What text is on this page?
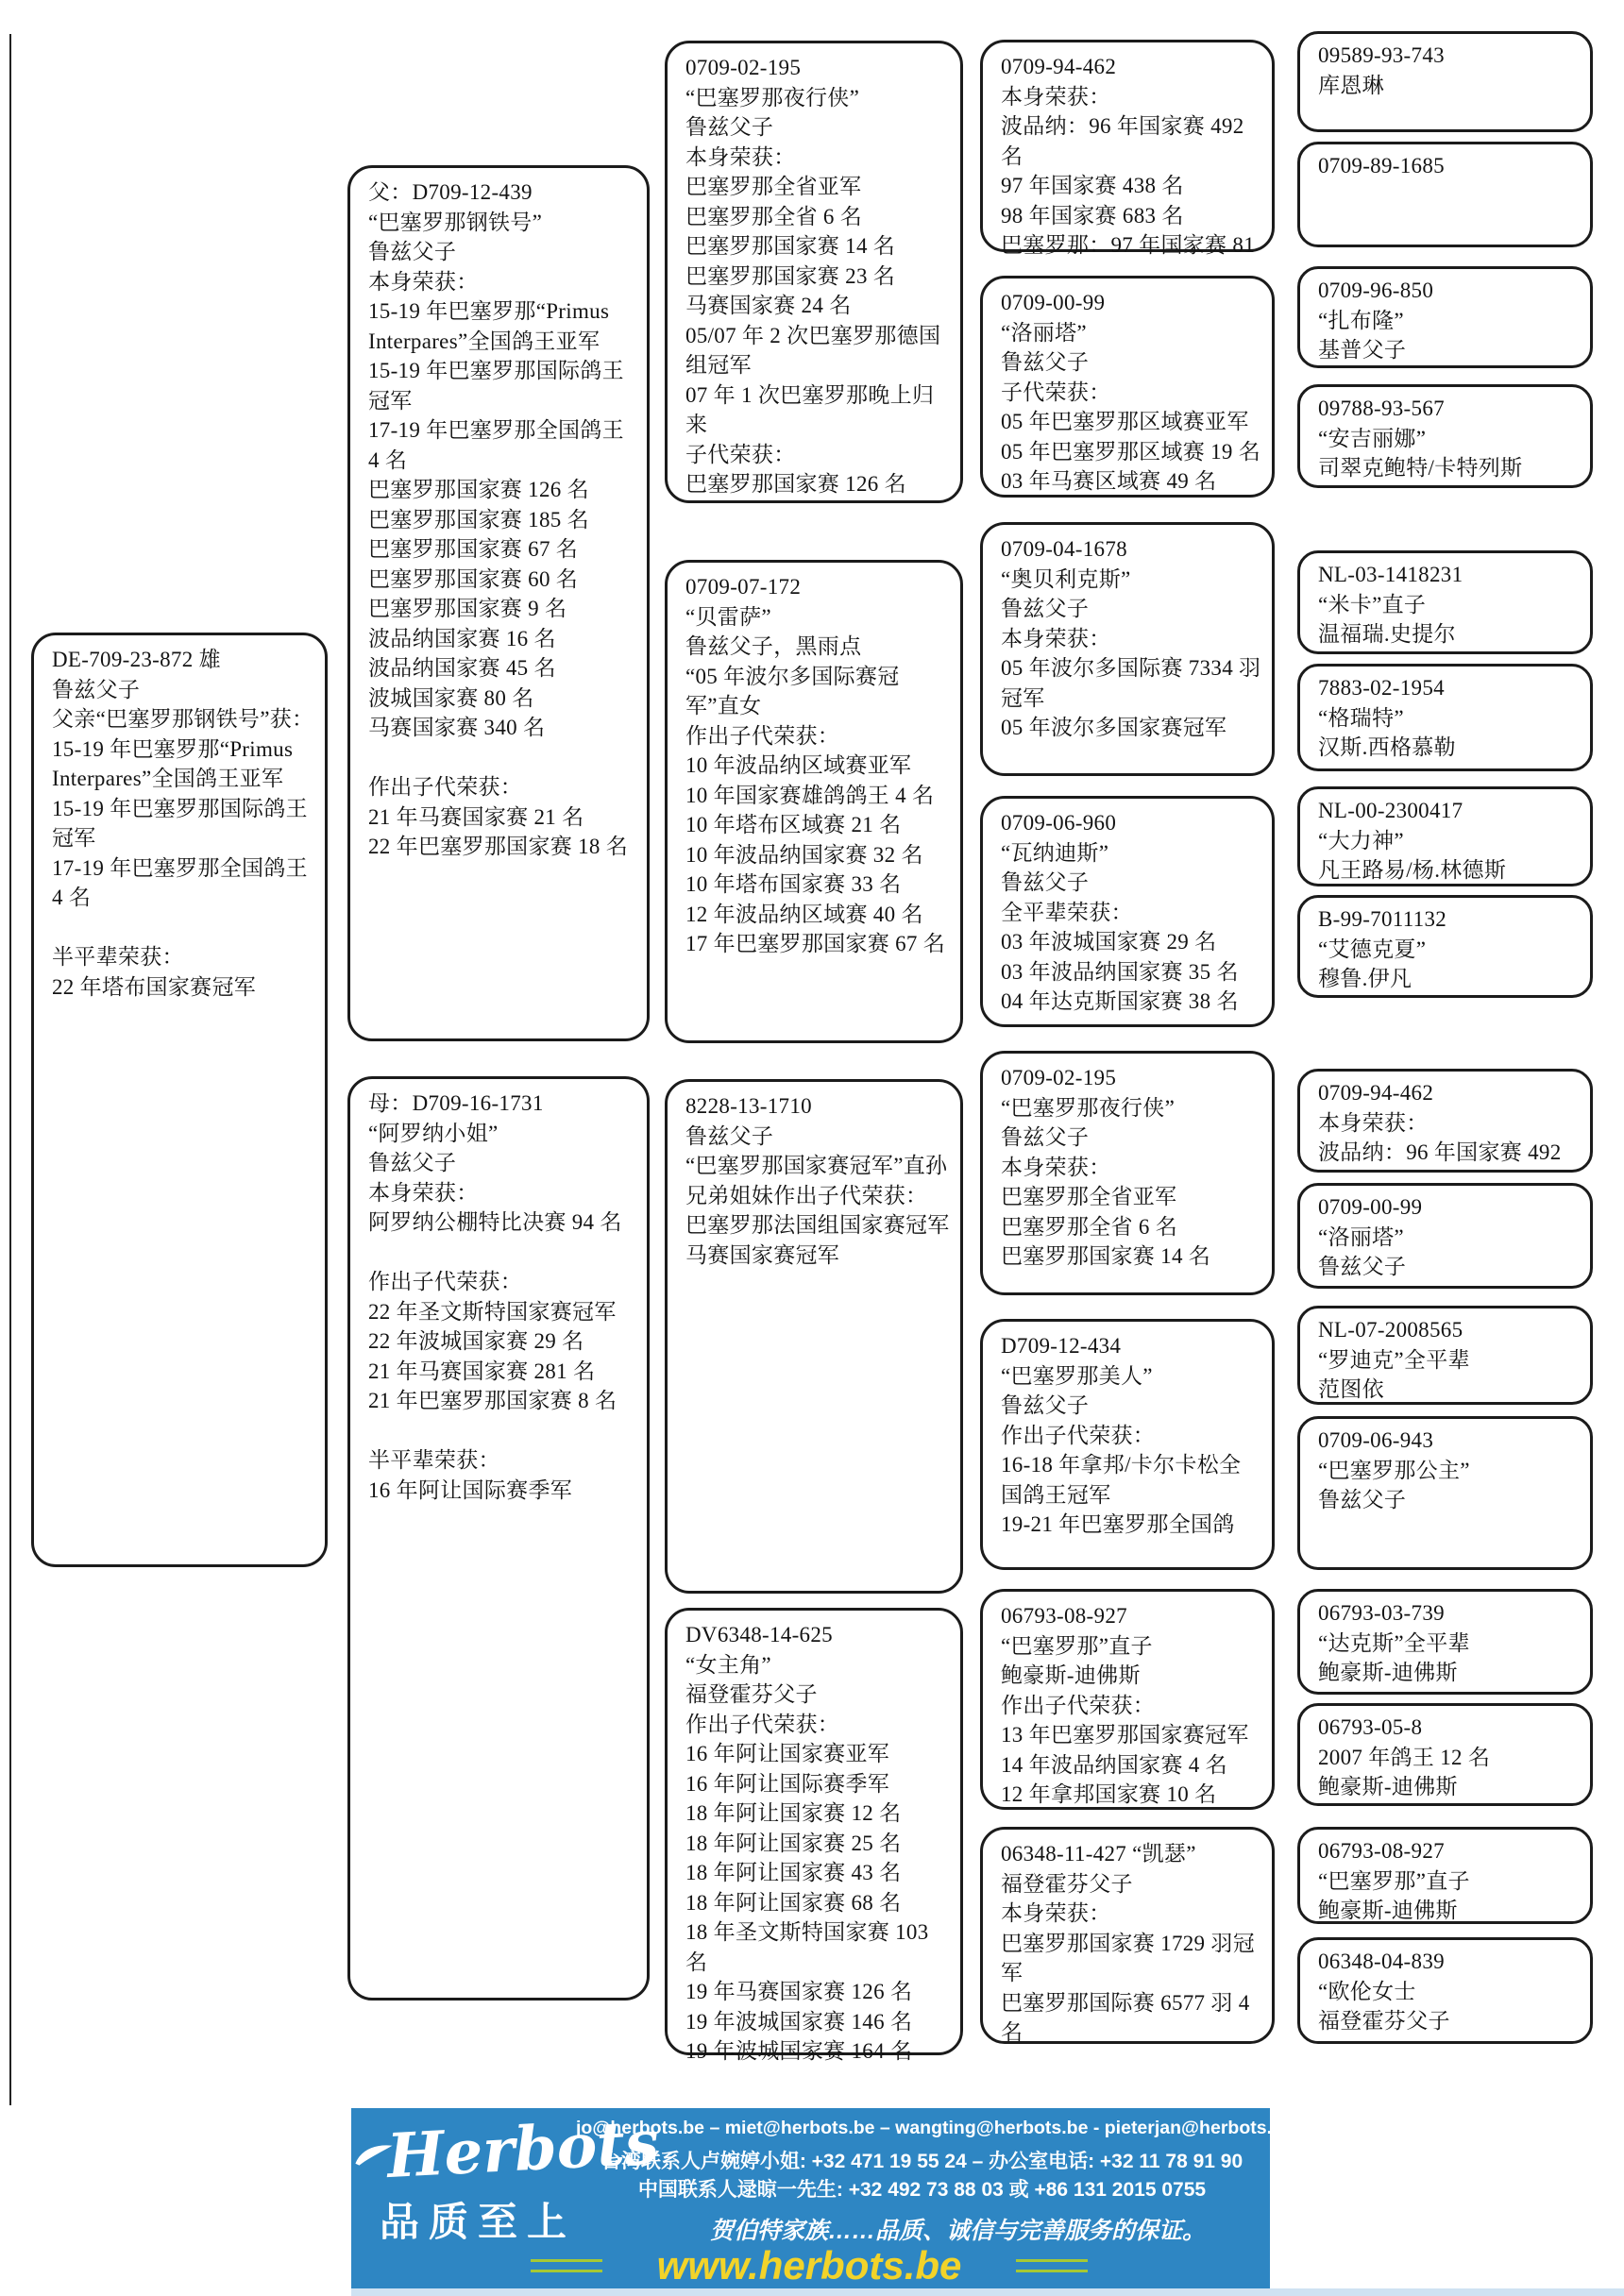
DE-709-23-872 雄
鲁兹父子
父亲“巴塞罗那钢铁号”获：
15-19 年巴塞罗那“Primus Interpares”全国鸽王亚军
15-19 年巴塞罗那国际鸽王冠军
17-19 年巴塞罗那全国鸽王 4 名

半平辈荣获：
22 年塔布国家赛冠军
父：D709-12-439
“巴塞罗那钢铁号”
鲁兹父子
本身荣获：
15-19 年巴塞罗那“Primus Interpares”全国鸽王亚军
15-19 年巴塞罗那国际鸽王冠军
17-19 年巴塞罗那全国鸽王 4 名
巴塞罗那国家赛 126 名
巴塞罗那国家赛 185 名
巴塞罗那国家赛 67 名
巴塞罗那国家赛 60 名
巴塞罗那国家赛 9 名
波品纳国家赛 16 名
波品纳国家赛 45 名
波城国家赛 80 名
马赛国家赛 340 名

作出子代荣获：
21 年马赛国家赛 21 名
22 年巴塞罗那国家赛 18 名
母：D709-16-1731
“阿罗纳小姐”
鲁兹父子
本身荣获：
阿罗纳公棚特比决赛 94 名

作出子代荣获：
22 年圣文斯特国家赛冠军
22 年波城国家赛 29 名
21 年马赛国家赛 281 名
21 年巴塞罗那国家赛 8 名

半平辈荣获：
16 年阿让国际赛季军
0709-02-195
“巴塞罗那夜行侠”
鲁兹父子
本身荣获：
巴塞罗那全省亚军
巴塞罗那全省 6 名
巴塞罗那国家赛 14 名
巴塞罗那国家赛 23 名
马赛国家赛 24 名
05/07 年 2 次巴塞罗那德国组冠军
07 年 1 次巴塞罗那晚上归来
子代荣获：
巴塞罗那国家赛 126 名
0709-07-172
“贝雷萨”
鲁兹父子，黑雨点
“05 年波尔多国际赛冠军”直女
作出子代荣获：
10 年波品纳区域赛亚军
10 年国家赛雄鸽鸽王 4 名
10 年塔布区域赛 21 名
10 年波品纳国家赛 32 名
10 年塔布国家赛 33 名
12 年波品纳区域赛 40 名
17 年巴塞罗那国家赛 67 名
8228-13-1710
鲁兹父子
“巴塞罗那国家赛冠军”直孙
兄弟姐妹作出子代荣获：
巴塞罗那法国组国家赛冠军
马赛国家赛冠军
DV6348-14-625
“女主角”
福登霍芬父子
作出子代荣获：
16 年阿让国家赛亚军
16 年阿让国际赛季军
18 年阿让国家赛 12 名
18 年阿让国家赛 25 名
18 年阿让国家赛 43 名
18 年阿让国家赛 68 名
18 年圣文斯特国家赛 103 名
19 年马赛国家赛 126 名
19 年波城国家赛 146 名
19 年波城国家赛 164 名
0709-94-462
本身荣获：
波品纳：96 年国家赛 492 名
97 年国家赛 438 名
98 年国家赛 683 名
巴塞罗那：97 年国家赛 81
0709-00-99
“洛丽塔”
鲁兹父子
子代荣获：
05 年巴塞罗那区域赛亚军
05 年巴塞罗那区域赛 19 名
03 年马赛区域赛 49 名
0709-04-1678
“奥贝利克斯”
鲁兹父子
本身荣获：
05 年波尔多国际赛 7334 羽冠军
05 年波尔多国家赛冠军
0709-06-960
“瓦纳迪斯”
鲁兹父子
全平辈荣获：
03 年波城国家赛 29 名
03 年波品纳国家赛 35 名
04 年达克斯国家赛 38 名
0709-02-195
“巴塞罗那夜行侠”
鲁兹父子
本身荣获：
巴塞罗那全省亚军
巴塞罗那全省 6 名
巴塞罗那国家赛 14 名
D709-12-434
“巴塞罗那美人”
鲁兹父子
作出子代荣获：
16-18 年拿邦/卡尔卡松全国鸽王冠军
19-21 年巴塞罗那全国鸽
06793-08-927
“巴塞罗那”直子
鲍豪斯-迪佛斯
作出子代荣获：
13 年巴塞罗那国家赛冠军
14 年波品纳国家赛 4 名
12 年拿邦国家赛 10 名
06348-11-427 “凯瑟”
福登霍芬父子
本身荣获：
巴塞罗那国家赛 1729 羽冠军
巴塞罗那国际赛 6577 羽 4 名
09589-93-743
库恩琳
0709-89-1685
0709-96-850
“扎布隆”
基普父子
09788-93-567
“安吉丽娜”
司翠克鲍特/卡特列斯
NL-03-1418231
“米卡”直子
温福瑞.史提尔
7883-02-1954
“格瑞特”
汉斯.西格慕勒
NL-00-2300417
“大力神”
凡王路易/杨.林德斯
B-99-7011132
“艾德克夏”
穆鲁.伊凡
0709-94-462
本身荣获：
波品纳：96 年国家赛 492
0709-00-99
“洛丽塔”
鲁兹父子
NL-07-2008565
“罗迪克”全平辈
范图依
0709-06-943
“巴塞罗那公主”
鲁兹父子
06793-03-739
“达克斯”全平辈
鲍豪斯-迪佛斯
06793-05-8
2007 年鸽王 12 名
鲍豪斯-迪佛斯
06793-08-927
“巴塞罗那”直子
鲍豪斯-迪佛斯
06348-04-839
“欧伦女士
福登霍芬父子
Herbots
品质至上
jo@herbots.be – miet@herbots.be – wangting@herbots.be - pieterjan@herbots.be
台湾联系人卢婉婷小姐: +32 471 19 55 24 – 办公室电话: +32 11 78 91 90
中国联系人逯晾一先生: +32 492 73 88 03 或 +86 131 2015 0755
贺伯特家族……品质、诚信与完善服务的保证。
www.herbots.be
